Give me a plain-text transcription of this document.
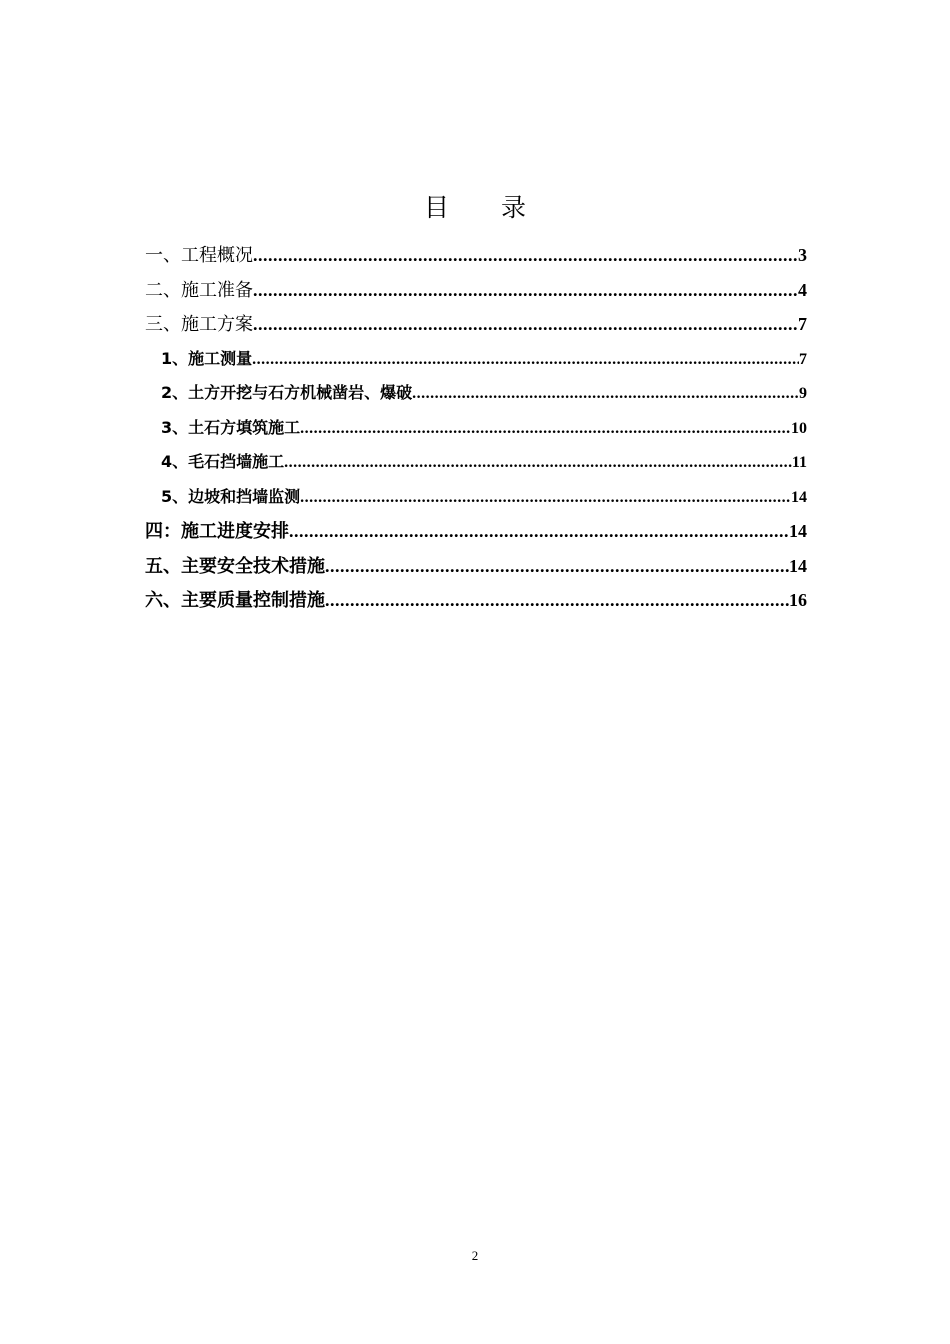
目 录
一、工程概况 .....	3
二、施工准备 .....	4
三、施工方案 .....	7
1、施工测量 .....	7
2、土方开挖与石方机械凿岩、爆破 .....	9
3、土石方填筑施工 .....	10
4、毛石挡墙施工 .....	11
5、边坡和挡墙监测 .....	14
四：施工进度安排 .....	14
五、主要安全技术措施 .....	14
六、主要质量控制措施 .....	16
2
